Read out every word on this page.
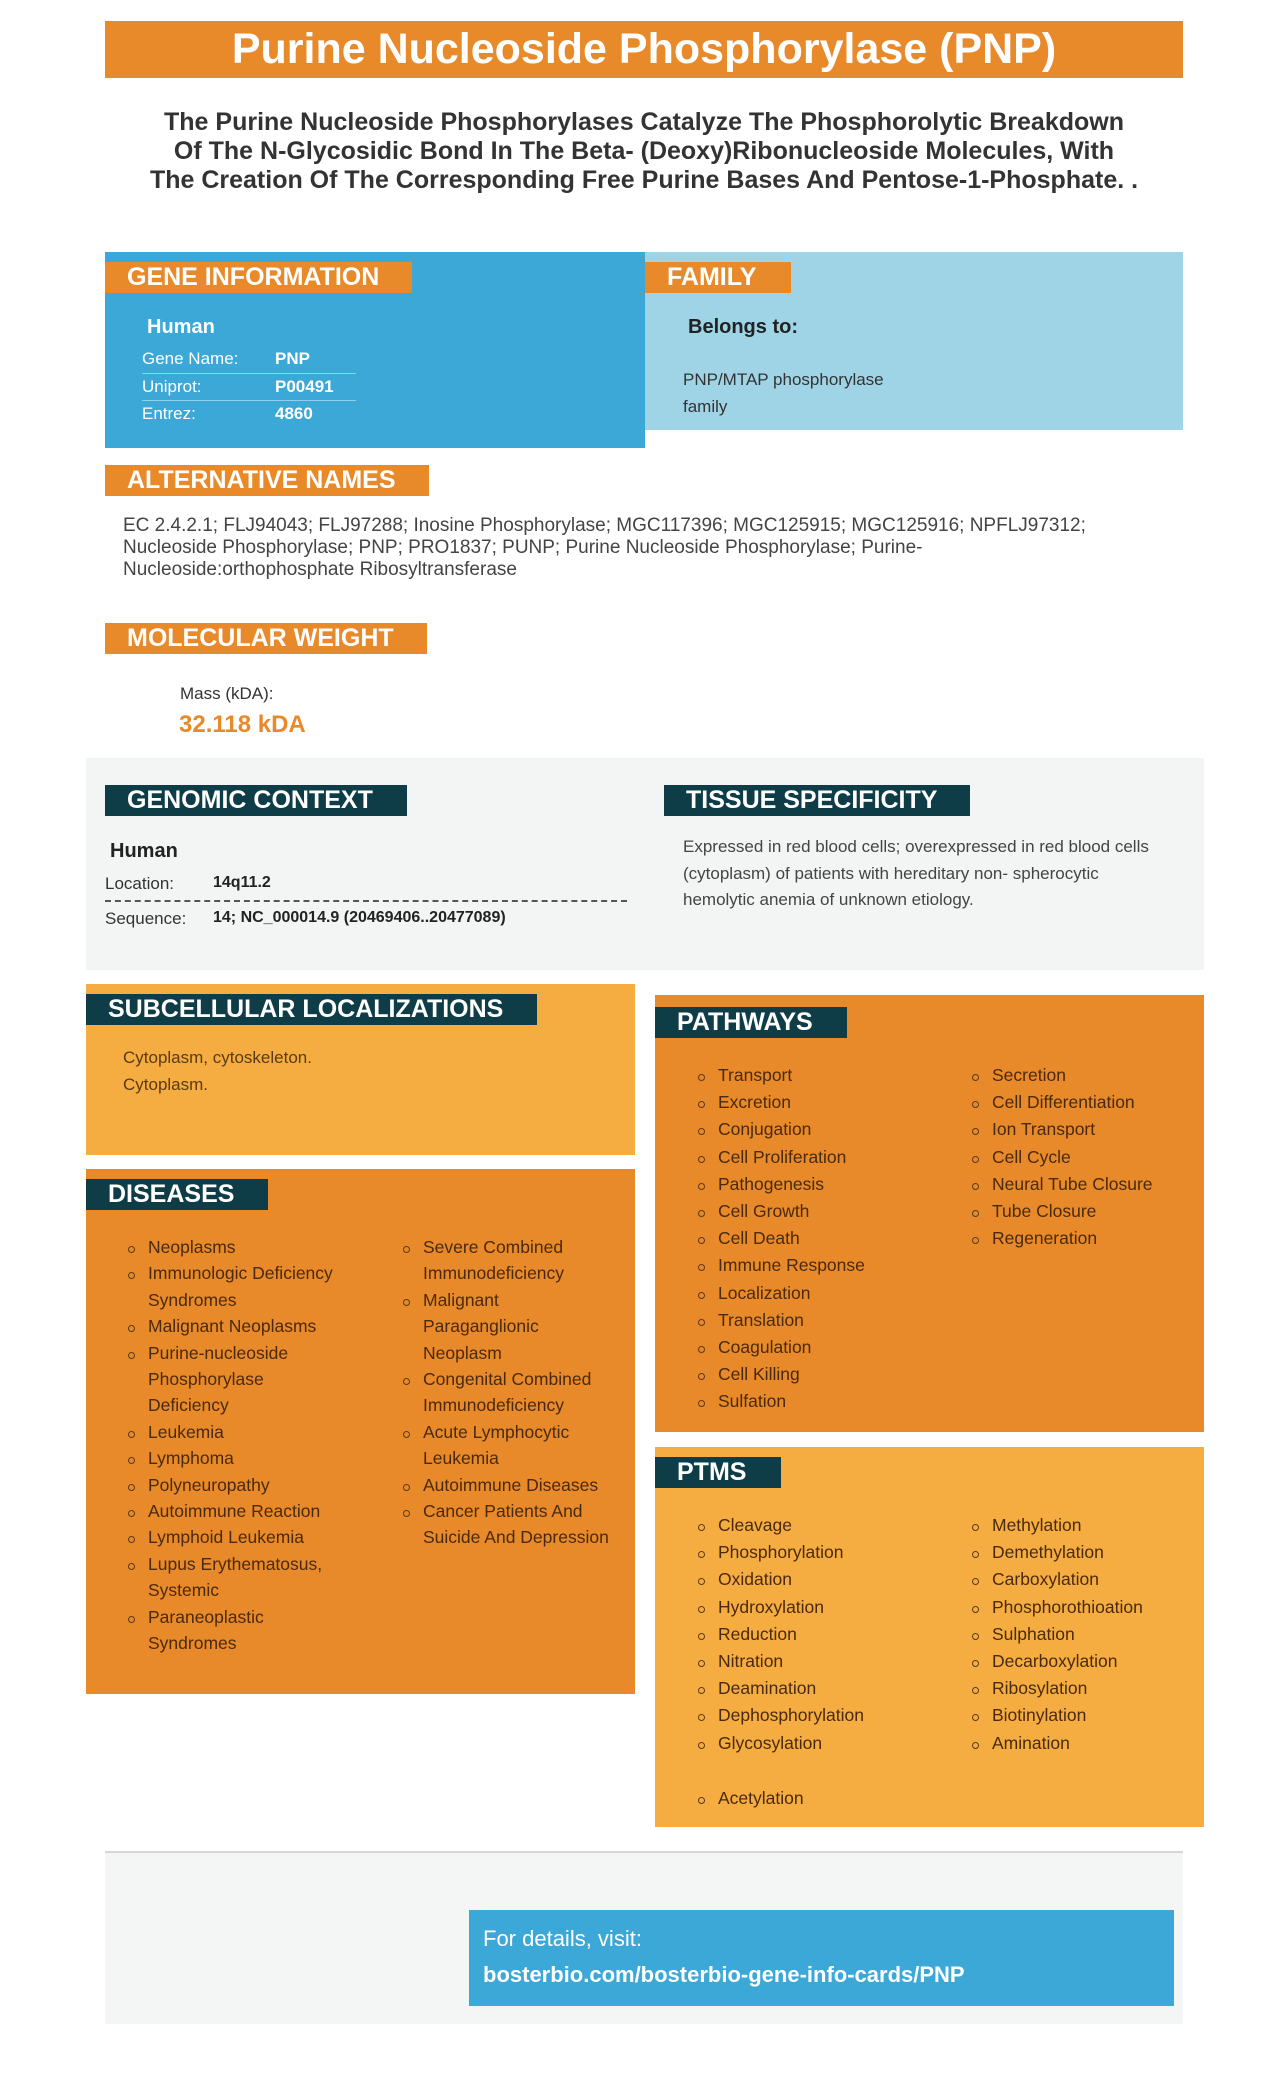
Purine Nucleoside Phosphorylase (PNP)
The Purine Nucleoside Phosphorylases Catalyze The Phosphorolytic Breakdown
Of The N-Glycosidic Bond In The Beta- (Deoxy)Ribonucleoside Molecules, With
The Creation Of The Corresponding Free Purine Bases And Pentose-1-Phosphate. .
GENE INFORMATION
Human
Gene Name: PNP
Uniprot:	P00491
Entrez:	4860
FAMILY
Belongs to:
PNP/MTAP phosphorylase
family
ALTERNATIVE NAMES
EC 2.4.2.1; FLJ94043; FLJ97288; Inosine Phosphorylase; MGC117396; MGC125915; MGC125916; NPFLJ97312;
Nucleoside Phosphorylase; PNP; PRO1837; PUNP; Purine Nucleoside Phosphorylase; Purine-
Nucleoside:orthophosphate Ribosyltransferase
MOLECULAR WEIGHT
Mass (kDA):
32.118 kDA
GENOMIC CONTEXT
Human
Location: 14q11.2
Sequence: 14; NC_000014.9 (20469406..20477089)
TISSUE SPECIFICITY
Expressed in red blood cells; overexpressed in red blood cells
(cytoplasm) of patients with hereditary non- spherocytic
hemolytic anemia of unknown etiology.
SUBCELLULAR LOCALIZATIONS
Cytoplasm, cytoskeleton.
Cytoplasm.
DISEASES
Neoplasms
Immunologic Deficiency
Syndromes
Malignant Neoplasms
Purine-nucleoside
Phosphorylase
Deficiency
Leukemia
Lymphoma
Polyneuropathy
Autoimmune Reaction
Lymphoid Leukemia
Lupus Erythematosus,
Systemic
Paraneoplastic
Syndromes
Severe Combined
Immunodeficiency
Malignant
Paraganglionic
Neoplasm
Congenital Combined
Immunodeficiency
Acute Lymphocytic
Leukemia
Autoimmune Diseases
Cancer Patients And
Suicide And Depression
PATHWAYS
Transport
Excretion
Conjugation
Cell Proliferation
Pathogenesis
Cell Growth
Cell Death
Immune Response
Localization
Translation
Coagulation
Cell Killing
Sulfation
Secretion
Cell Differentiation
Ion Transport
Cell Cycle
Neural Tube Closure
Tube Closure
Regeneration
PTMS
Cleavage
Phosphorylation
Oxidation
Hydroxylation
Reduction
Nitration
Deamination
Dephosphorylation
Glycosylation
Methylation
Demethylation
Carboxylation
Phosphorothioation
Sulphation
Decarboxylation
Ribosylation
Biotinylation
Amination
Acetylation
For details, visit:
bosterbio.com/bosterbio-gene-info-cards/PNP
